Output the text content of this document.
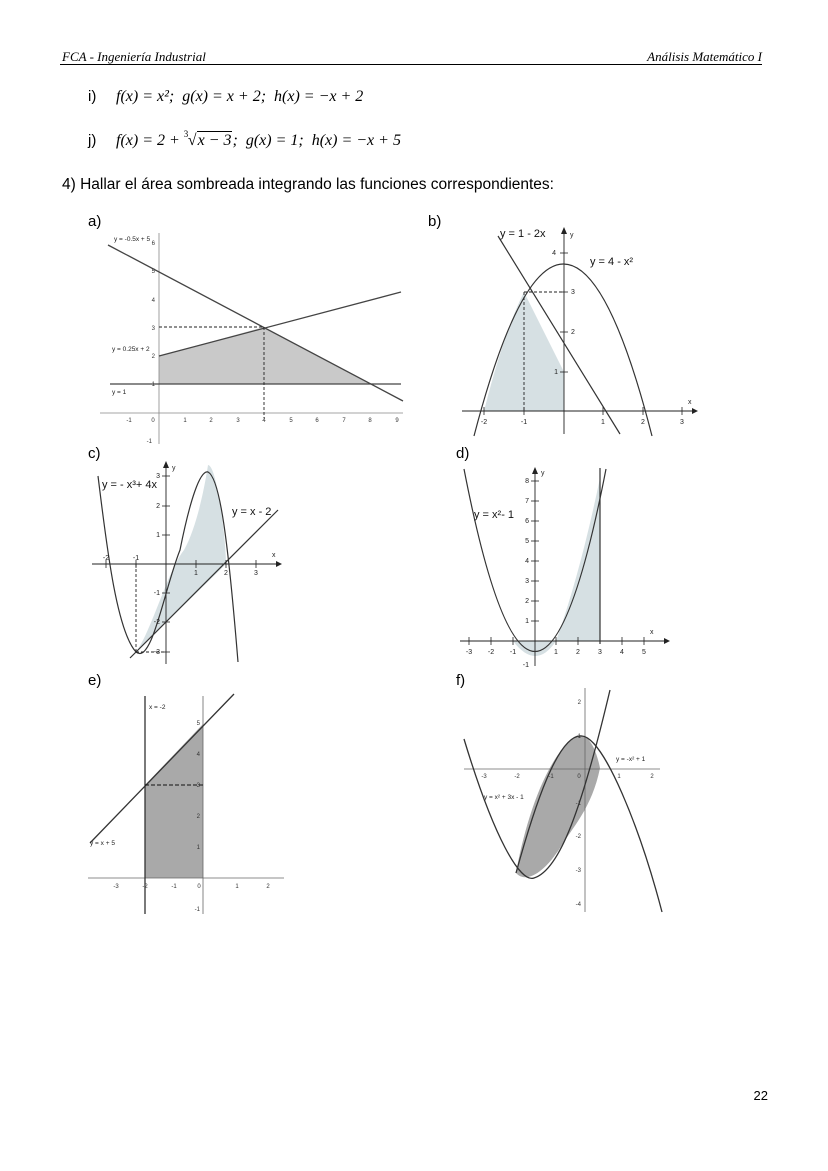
FCA - Ingeniería Industrial	Análisis Matemático I
i) f(x) = x²; g(x) = x + 2; h(x) = −x + 2
j) f(x) = 2 + 3 √x − 3; g(x) = 1; h(x) = −x + 5
4) Hallar el área sombreada integrando las funciones correspondientes:
a)	b)
c)	d)
e)	f)
-1	0	1	2	3	4	5	6	7	8	9
-1
1
2
3
4
5
6
y = -0.5x + 5
y = 0.25x + 2
y = 1
-2	-1	1	2	3
1
2
3
4
x
y
y = 1 - 2x
y = 4 - x²
-2	-1
1	2	3
-3
-2
-1
1
2
3
x
y
y = - x³+ 4x
y = x - 2
-3 -2 -1	1	2	3	4	5
-1
1
2
3
4
5
6
7
8
x
y
y = x²- 1
-3	-2	-1	0	1	2
-1
1
2
3
4
5
x = -2
y = x + 5
-3	-2	-1	0	1	2
-4
-3
-2
-1
1
2
y = -x² + 1
y = x² + 3x - 1
22
